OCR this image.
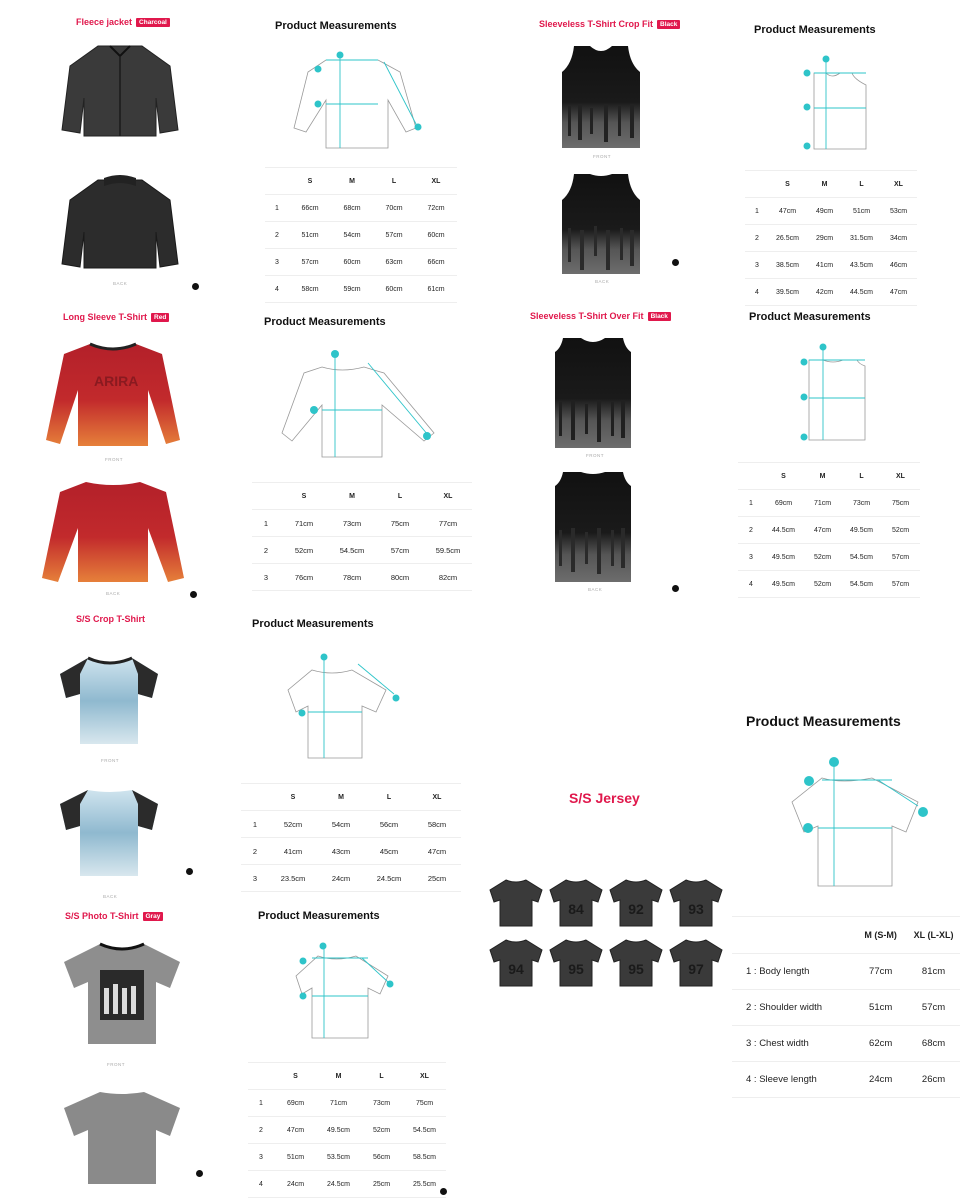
Fleece jacket	Charcoal
BACK
Product Measurements
	S	M	L	XL
1	66cm	68cm	70cm	72cm
2	51cm	54cm	57cm	60cm
3	57cm	60cm	63cm	66cm
4	58cm	59cm	60cm	61cm
Sleeveless T-Shirt Crop Fit	Black
FRONT
BACK
Product Measurements
	S	M	L	XL
1	47cm	49cm	51cm	53cm
2	26.5cm	29cm	31.5cm	34cm
3	38.5cm	41cm	43.5cm	46cm
4	39.5cm	42cm	44.5cm	47cm
Long Sleeve T-Shirt	Red
ARIRA
FRONT
BACK
Product Measurements
	S	M	L	XL
1	71cm	73cm	75cm	77cm
2	52cm	54.5cm	57cm	59.5cm
3	76cm	78cm	80cm	82cm
Sleeveless T-Shirt Over Fit	Black
FRONT
BACK
Product Measurements
	S	M	L	XL
1	69cm	71cm	73cm	75cm
2	44.5cm	47cm	49.5cm	52cm
3	49.5cm	52cm	54.5cm	57cm
4	49.5cm	52cm	54.5cm	57cm
S/S Crop T-Shirt
FRONT
BACK
Product Measurements
	S	M	L	XL
1	52cm	54cm	56cm	58cm
2	41cm	43cm	45cm	47cm
3	23.5cm	24cm	24.5cm	25cm
S/S Jersey
84	92	93
94	95	95	97
Product Measurements
	M (S-M)	XL (L-XL)
1 : Body length	77cm	81cm
2 : Shoulder width	51cm	57cm
3 : Chest width	62cm	68cm
4 : Sleeve length	24cm	26cm
S/S Photo T-Shirt	Gray
FRONT
Product Measurements
	S	M	L	XL
1	69cm	71cm	73cm	75cm
2	47cm	49.5cm	52cm	54.5cm
3	51cm	53.5cm	56cm	58.5cm
4	24cm	24.5cm	25cm	25.5cm
